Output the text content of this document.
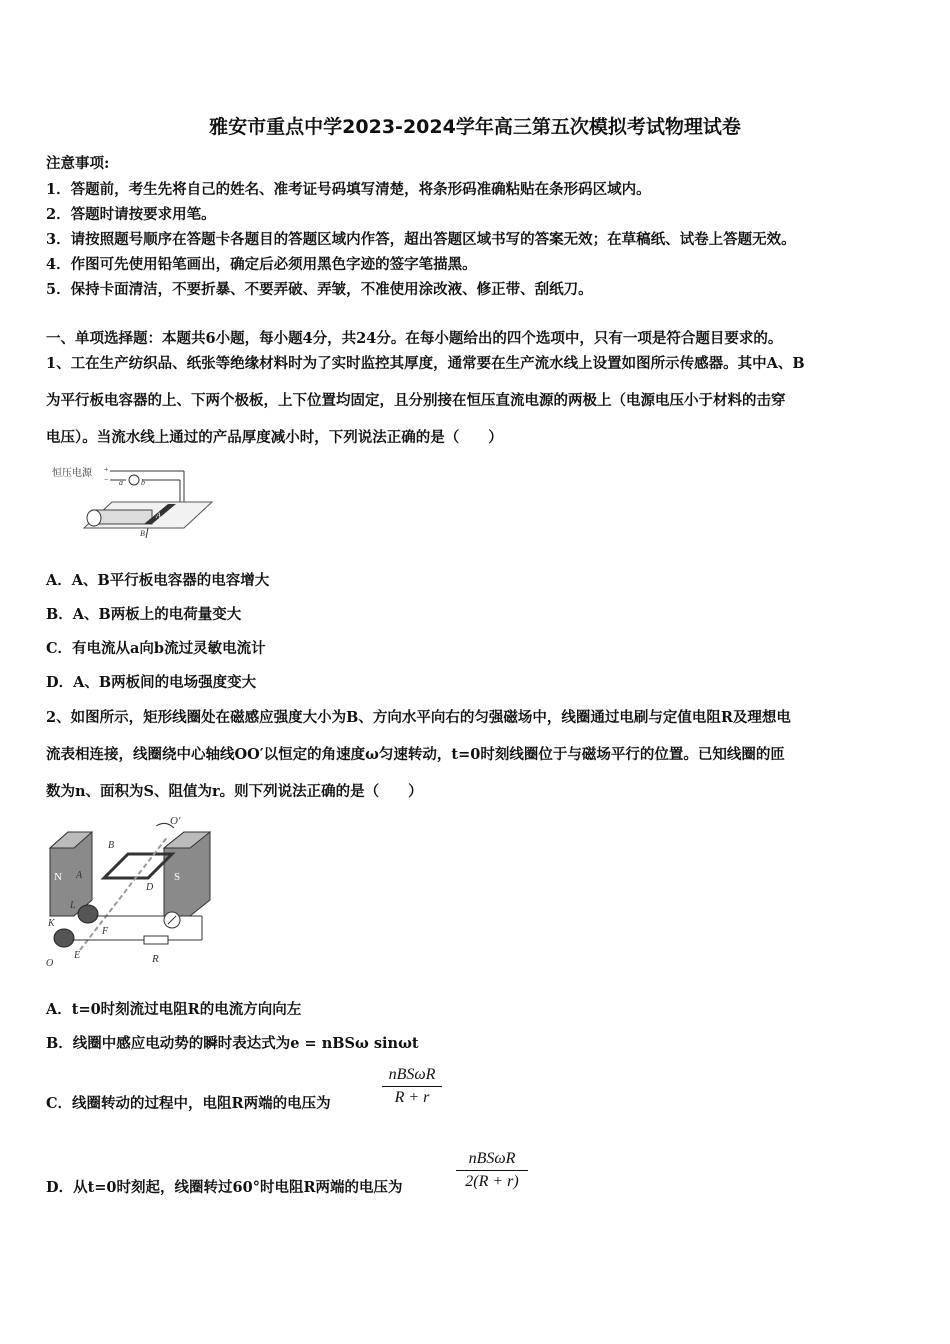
雅安市重点中学2023-2024学年高三第五次模拟考试物理试卷
注意事项:
1．答题前，考生先将自己的姓名、准考证号码填写清楚，将条形码准确粘贴在条形码区域内。
2．答题时请按要求用笔。
3．请按照题号顺序在答题卡各题目的答题区域内作答，超出答题区域书写的答案无效；在草稿纸、试卷上答题无效。
4．作图可先使用铅笔画出，确定后必须用黑色字迹的签字笔描黑。
5．保持卡面清洁，不要折暴、不要弄破、弄皱，不准使用涂改液、修正带、刮纸刀。
一、单项选择题：本题共6小题，每小题4分，共24分。在每小题给出的四个选项中，只有一项是符合题目要求的。
1、工在生产纺织品、纸张等绝缘材料时为了实时监控其厚度，通常要在生产流水线上设置如图所示传感器。其中A、B
为平行板电容器的上、下两个极板，上下位置均固定，且分别接在恒压直流电源的两极上（电源电压小于材料的击穿
电压）。当流水线上通过的产品厚度减小时，下列说法正确的是（　　）
恒压电源 +
− a b
B
A
A．A、B平行板电容器的电容增大
B．A、B两板上的电荷量变大
C．有电流从a向b流过灵敏电流计
D．A、B两板间的电场强度变大
2、如图所示，矩形线圈处在磁感应强度大小为B、方向水平向右的匀强磁场中，线圈通过电刷与定值电阻R及理想电
流表相连接，线圈绕中心轴线OO′以恒定的角速度ω匀速转动，t=0时刻线圈位于与磁场平行的位置。已知线圈的匝
数为n、面积为S、阻值为r。则下列说法正确的是（　　）
N	S
O′
B
A
D
L
K
F
O
E	R
A．t=0时刻流过电阻R的电流方向向左
B．线圈中感应电动势的瞬时表达式为e = nBSω sinωt
C．线圈转动的过程中，电阻R两端的电压为
nBSωR
R + r
D．从t=0时刻起，线圈转过60°时电阻R两端的电压为
nBSωR
2(R + r)
